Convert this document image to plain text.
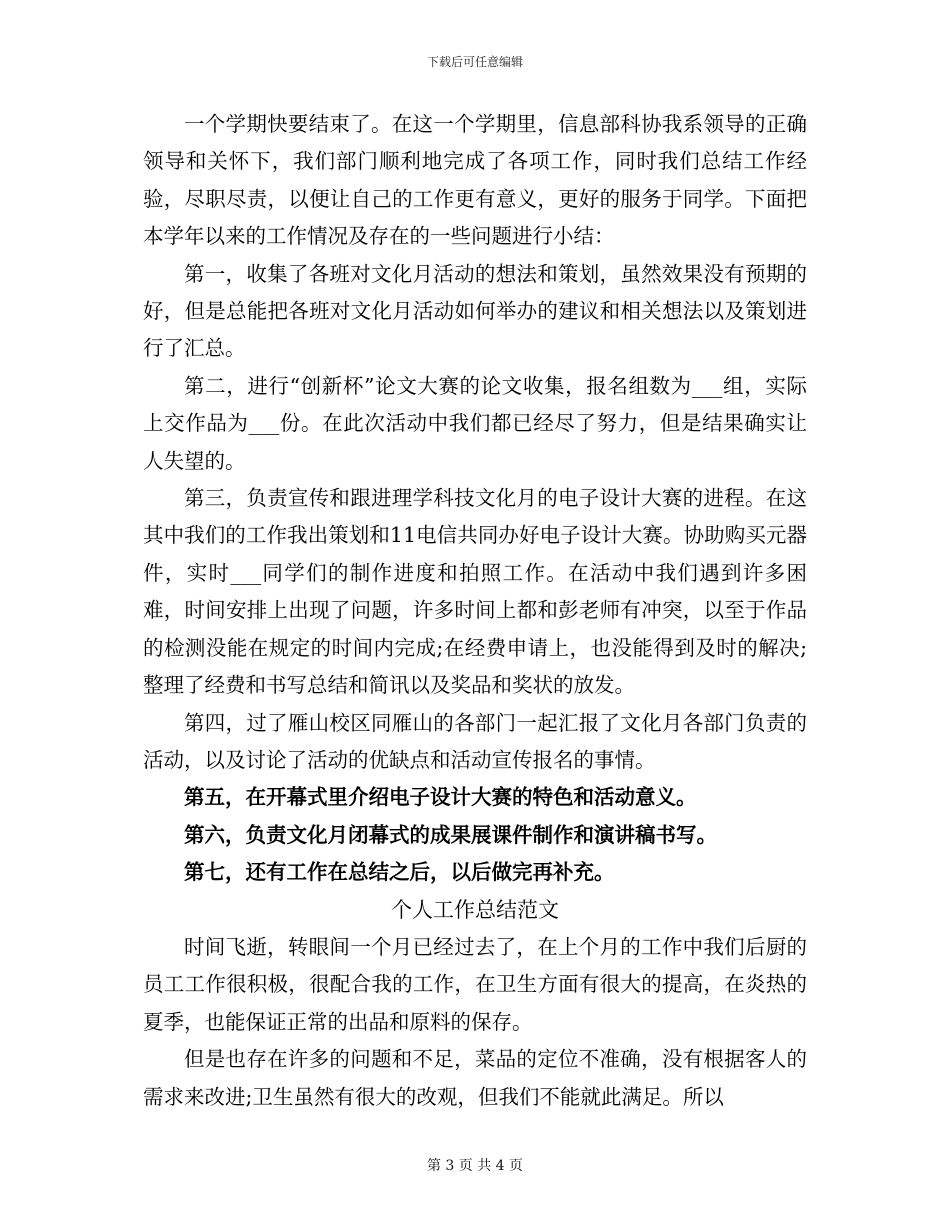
下载后可任意编辑

一个学期快要结束了。在这一个学期里，信息部科协我系领导的正确领导和关怀下，我们部门顺利地完成了各项工作，同时我们总结工作经验，尽职尽责，以便让自己的工作更有意义，更好的服务于同学。下面把本学年以来的工作情况及存在的一些问题进行小结：

第一，收集了各班对文化月活动的想法和策划，虽然效果没有预期的好，但是总能把各班对文化月活动如何举办的建议和相关想法以及策划进行了汇总。

第二，进行“创新杯”论文大赛的论文收集，报名组数为___组，实际上交作品为___份。在此次活动中我们都已经尽了努力，但是结果确实让人失望的。

第三，负责宣传和跟进理学科技文化月的电子设计大赛的进程。在这其中我们的工作我出策划和11电信共同办好电子设计大赛。协助购买元器件，实时___同学们的制作进度和拍照工作。在活动中我们遇到许多困难，时间安排上出现了问题，许多时间上都和彭老师有冲突，以至于作品的检测没能在规定的时间内完成;在经费申请上，也没能得到及时的解决;整理了经费和书写总结和简讯以及奖品和奖状的放发。

第四，过了雁山校区同雁山的各部门一起汇报了文化月各部门负责的活动，以及讨论了活动的优缺点和活动宣传报名的事情。

第五，在开幕式里介绍电子设计大赛的特色和活动意义。

第六，负责文化月闭幕式的成果展课件制作和演讲稿书写。

第七，还有工作在总结之后，以后做完再补充。

个人工作总结范文

时间飞逝，转眼间一个月已经过去了，在上个月的工作中我们后厨的员工工作很积极，很配合我的工作，在卫生方面有很大的提高，在炎热的夏季，也能保证正常的出品和原料的保存。

但是也存在许多的问题和不足，菜品的定位不准确，没有根据客人的需求来改进;卫生虽然有很大的改观，但我们不能就此满足。所以

第 3 页 共 4 页
